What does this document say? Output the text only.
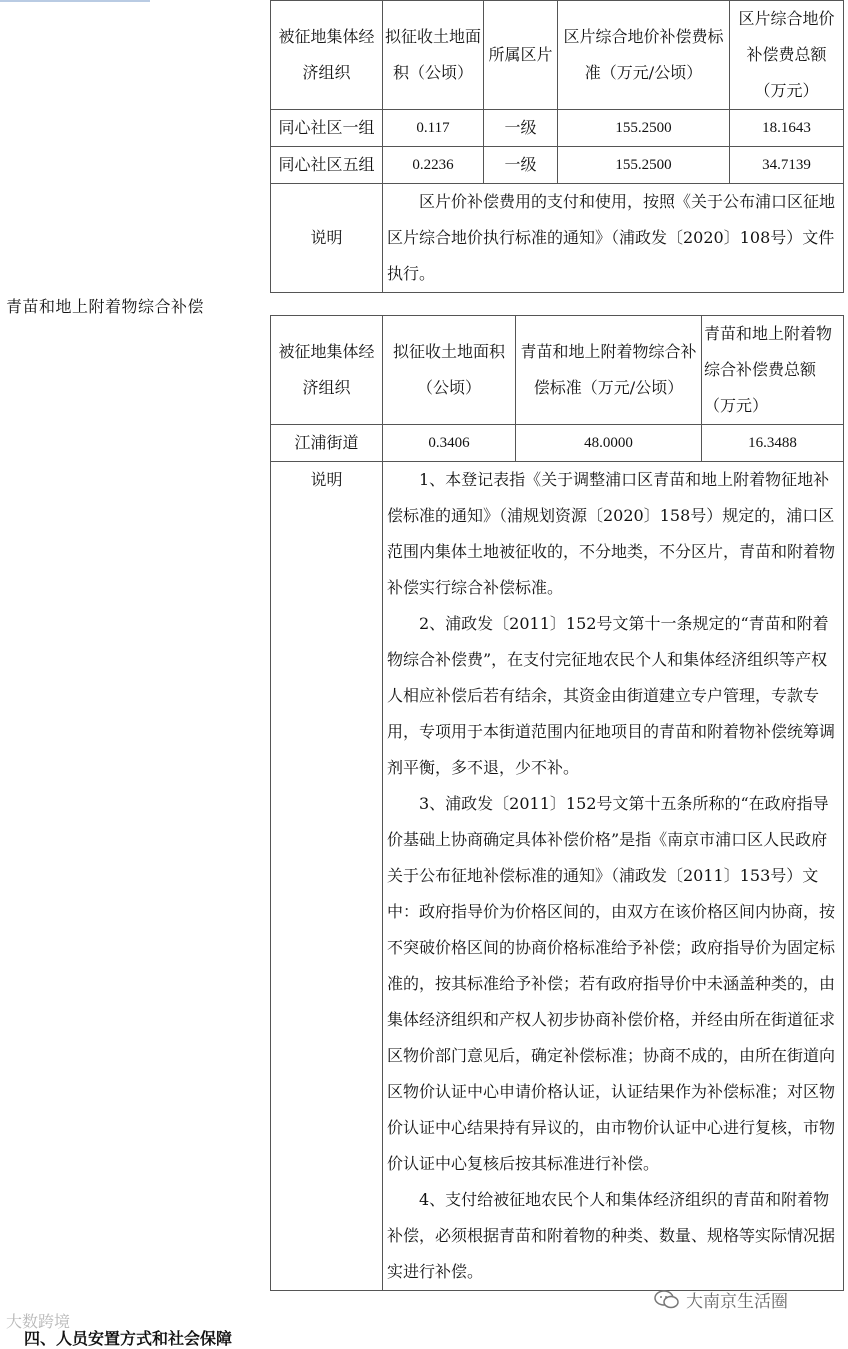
被征地集体经济组织	拟征收土地面积（公顷）	所属区片	区片综合地价补偿费标准（万元/公顷）	区片综合地价补偿费总额（万元）
同心社区一组	0.117	一级	155.2500	18.1643
同心社区五组	0.2236	一级	155.2500	34.7139
说明	区片价补偿费用的支付和使用，按照《关于公布浦口区征地区片综合地价执行标准的通知》（浦政发〔2020〕108号）文件执行。			

青苗和地上附着物综合补偿
被征地集体经济组织	拟征收土地面积（公顷）	青苗和地上附着物综合补偿标准（万元/公顷）	青苗和地上附着物综合补偿费总额（万元）
江浦街道	0.3406	48.0000	16.3488
说明	1、本登记表指《关于调整浦口区青苗和地上附着物征地补偿标准的通知》（浦规划资源〔2020〕158号）规定的，浦口区范围内集体土地被征收的，不分地类，不分区片，青苗和附着物补偿实行综合补偿标准。

2、浦政发〔2011〕152号文第十一条规定的“青苗和附着物综合补偿费”，在支付完征地农民个人和集体经济组织等产权人相应补偿后若有结余，其资金由街道建立专户管理，专款专用，专项用于本街道范围内征地项目的青苗和附着物补偿统筹调剂平衡，多不退，少不补。

3、浦政发〔2011〕152号文第十五条所称的“在政府指导价基础上协商确定具体补偿价格”是指《南京市浦口区人民政府关于公布征地补偿标准的通知》（浦政发〔2011〕153号）文中：政府指导价为价格区间的，由双方在该价格区间内协商，按不突破价格区间的协商价格标准给予补偿；政府指导价为固定标准的，按其标准给予补偿；若有政府指导价中未涵盖种类的，由集体经济组织和产权人初步协商补偿价格，并经由所在街道征求区物价部门意见后，确定补偿标准；协商不成的，由所在街道向区物价认证中心申请价格认证，认证结果作为补偿标准；对区物价认证中心结果持有异议的，由市物价认证中心进行复核，市物价认证中心复核后按其标准进行补偿。

4、支付给被征地农民个人和集体经济组织的青苗和附着物补偿，必须根据青苗和附着物的种类、数量、规格等实际情况据实进行补偿。		

大数跨境
大南京生活圈
四、人员安置方式和社会保障
